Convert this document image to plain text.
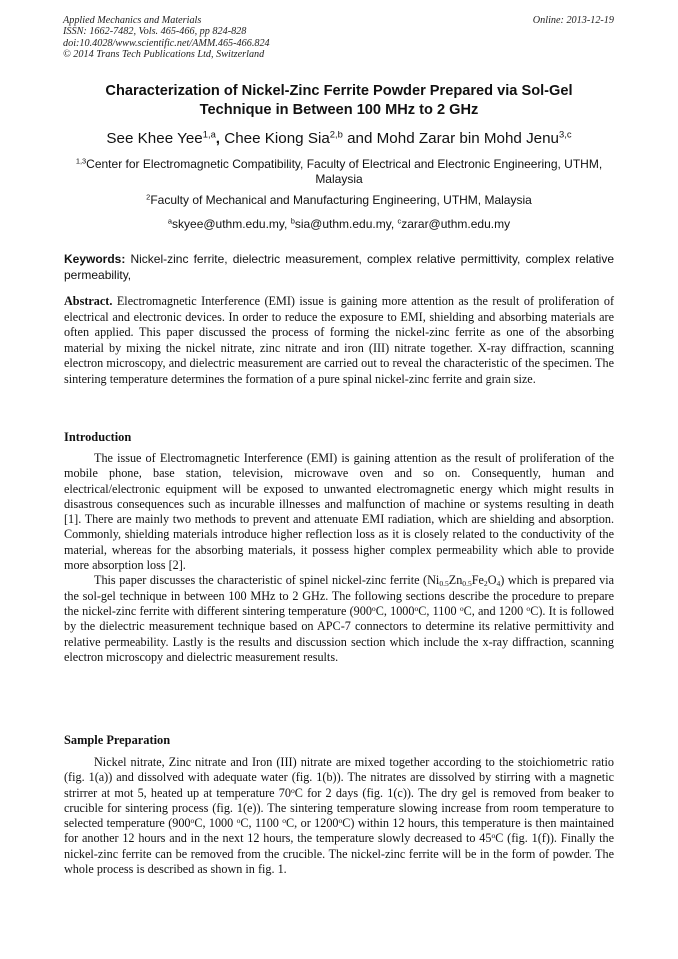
Applied Mechanics and Materials
ISSN: 1662-7482, Vols. 465-466, pp 824-828
doi:10.4028/www.scientific.net/AMM.465-466.824
© 2014 Trans Tech Publications Ltd, Switzerland
Online: 2013-12-19
Characterization of Nickel-Zinc Ferrite Powder Prepared via Sol-Gel Technique in Between 100 MHz to 2 GHz
See Khee Yee$^{1,a}$, Chee Kiong Sia$^{2,b}$ and Mohd Zarar bin Mohd Jenu$^{3,c}$
$^{1,3}$Center for Electromagnetic Compatibility, Faculty of Electrical and Electronic Engineering, UTHM, Malaysia
$^2$Faculty of Mechanical and Manufacturing Engineering, UTHM, Malaysia
$^a$skyee@uthm.edu.my, $^b$sia@uthm.edu.my, $^c$zarar@uthm.edu.my
Keywords: Nickel-zinc ferrite, dielectric measurement, complex relative permittivity, complex relative permeability,
Abstract. Electromagnetic Interference (EMI) issue is gaining more attention as the result of proliferation of electrical and electronic devices. In order to reduce the exposure to EMI, shielding and absorbing materials are often applied. This paper discussed the process of forming the nickel-zinc ferrite as one of the absorbing material by mixing the nickel nitrate, zinc nitrate and iron (III) nitrate together. X-ray diffraction, scanning electron microscopy, and dielectric measurement are carried out to reveal the characteristic of the specimen. The sintering temperature determines the formation of a pure spinal nickel-zinc ferrite and grain size.
Introduction

The issue of Electromagnetic Interference (EMI) is gaining attention as the result of proliferation of the mobile phone, base station, television, microwave oven and so on. Consequently, human and electrical/electronic equipment will be exposed to unwanted electromagnetic energy which might results in disastrous consequences such as incurable illnesses and malfunction of machine or systems resulting in death [1]. There are mainly two methods to prevent and attenuate EMI radiation, which are shielding and absorption. Commonly, shielding materials introduce higher reflection loss as it is closely related to the conductivity of the material, whereas for the absorbing materials, it possess higher complex permeability which able to provide more absorption loss [2].

This paper discusses the characteristic of spinel nickel-zinc ferrite $(Ni_{0.5}Zn_{0.5}Fe_2O_4)$ which is prepared via the sol-gel technique in between 100 MHz to 2 GHz. The following sections describe the procedure to prepare the nickel-zinc ferrite with different sintering temperature (900$^o$C, 1000$^o$C, 1100 $^o$C, and 1200 $^o$C). It is followed by the dielectric measurement technique based on APC-7 connectors to determine its relative permittivity and relative permeability. Lastly is the results and discussion section which include the x-ray diffraction, scanning electron microscopy and dielectric measurement results.

Sample Preparation

Nickel nitrate, Zinc nitrate and Iron (III) nitrate are mixed together according to the stoichiometric ratio (fig. 1(a)) and dissolved with adequate water (fig. 1(b)). The nitrates are dissolved by stirring with a magnetic strirrer at mot 5, heated up at temperature 70$^o$C for 2 days (fig. 1(c)). The dry gel is removed from beaker to crucible for sintering process (fig. 1(e)). The sintering temperature slowing increase from room temperature to selected temperature (900$^o$C, 1000 $^o$C, 1100 $^o$C, or 1200$^o$C) within 12 hours, this temperature is then maintained for another 12 hours and in the next 12 hours, the temperature slowly decreased to 45$^o$C (fig. 1(f)). Finally the nickel-zinc ferrite can be removed from the crucible. The nickel-zinc ferrite will be in the form of powder. The whole process is described as shown in fig. 1.
